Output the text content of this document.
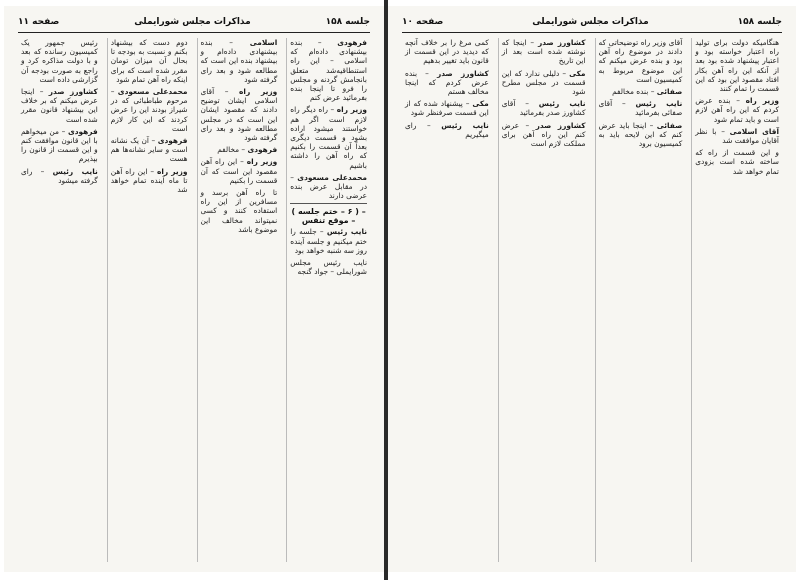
جلسه ۱۵۸
مذاکرات مجلس شورایملی
صفحه ۱۱

فرهودی – بنده بیشنهادی داده‌ام که اسلامی – این راه استنطاقیه‌شد متعلق بانجامش گردنه و مجلس را فرو تا اینجا بنده بفرمائید عرض کنم

وزیر راه – راه دیگر راه لازم است اگر هم خواستند میشود اراده بشود و قسمت دیگری بعداً آن قسمت را بکنیم که راه آهن را داشته باشیم

محمدعلی مسعودی – در مقابل عرض بنده عرضی دارند

– ( ۶ – ختم جلسه ) – موقع تنفس

نایب رئیس – جلسه را ختم میکنیم و جلسه آینده روز سه شنبه خواهد بود

نایب رئیس مجلس شورایملی – جواد گنجه

اسلامی – بنده بیشنهادی داده‌ام و بیشنهاد بنده این است که مطالعه شود و بعد رای گرفته شود

وزیر راه – آقای اسلامی ایشان توضیح دادند که مقصود ایشان این است که در مجلس مطالعه شود و بعد رای گرفته شود

فرهودی – مخالفم

وزیر راه – این راه آهن مقصود این است که آن قسمت را بکنیم

تا راه آهن برسد و مسافرین از این راه استفاده کنند و کسی نمیتواند مخالف این موضوع باشد

دوم دست که بیشنهاد بکنم و نسبت به بودجه تا بحال آن میزان تومان مقرر شده است که برای اینکه راه آهن تمام شود

محمدعلی مسعودی – مرحوم طباطبائی که در شیراز بودند این را عرض کردند که این کار لازم است

فرهودی – آن یک نشانه است و سایر نشانه‌ها هم هست

وزیر راه – این راه آهن تا ماه آینده تمام خواهد شد

رئیس جمهور یک کمیسیون رسانده که بعد و با دولت مذاکره کرد و راجع به صورت بودجه آن گزارشی داده است

کشاورز صدر – اینجا عرض میکنم که بر خلاف این بیشنهاد قانون مقرر شده است

فرهودی – من میخواهم با این قانون موافقت کنم و این قسمت از قانون را بپذیرم

نایب رئیس – رای گرفته میشود

جلسه ۱۵۸
مذاکرات مجلس شورایملی
صفحه ۱۰

هنگامیکه دولت برای تولید راه اعتبار خواسته بود و اعتبار پیشنهاد شده بود بعد از آنکه این راه آهن بکار افتاد مقصود این بود که این قسمت را تمام کنند

وزیر راه – بنده عرض کردم که این راه آهن لازم است و باید تمام شود

آقای اسلامی – با نظر آقایان موافقت شد

و این قسمت از راه که ساخته شده است بزودی تمام خواهد شد

آقای وزیر راه توضیحاتی که دادند در موضوع راه آهن بود و بنده عرض میکنم که این موضوع مربوط به کمیسیون است

صفائی – بنده مخالفم

نایب رئیس – آقای صفائی بفرمائید

صفائی – اینجا باید عرض کنم که این لایحه باید به کمیسیون برود

کشاورز صدر – اینجا که نوشته شده است بعد از این تاریخ

مکی – دلیلی ندارد که این قسمت در مجلس مطرح شود

نایب رئیس – آقای کشاورز صدر بفرمائید

کشاورز صدر – عرض کنم این راه آهن برای مملکت لازم است

کمی مرغ را بر خلاف آنچه که دیدید در این قسمت از قانون باید تغییر بدهیم

کشاورز صدر – بنده عرض کردم که اینجا مخالف هستم

مکی – پیشنهاد شده که از این قسمت صرفنظر شود

نایب رئیس – رای میگیریم
